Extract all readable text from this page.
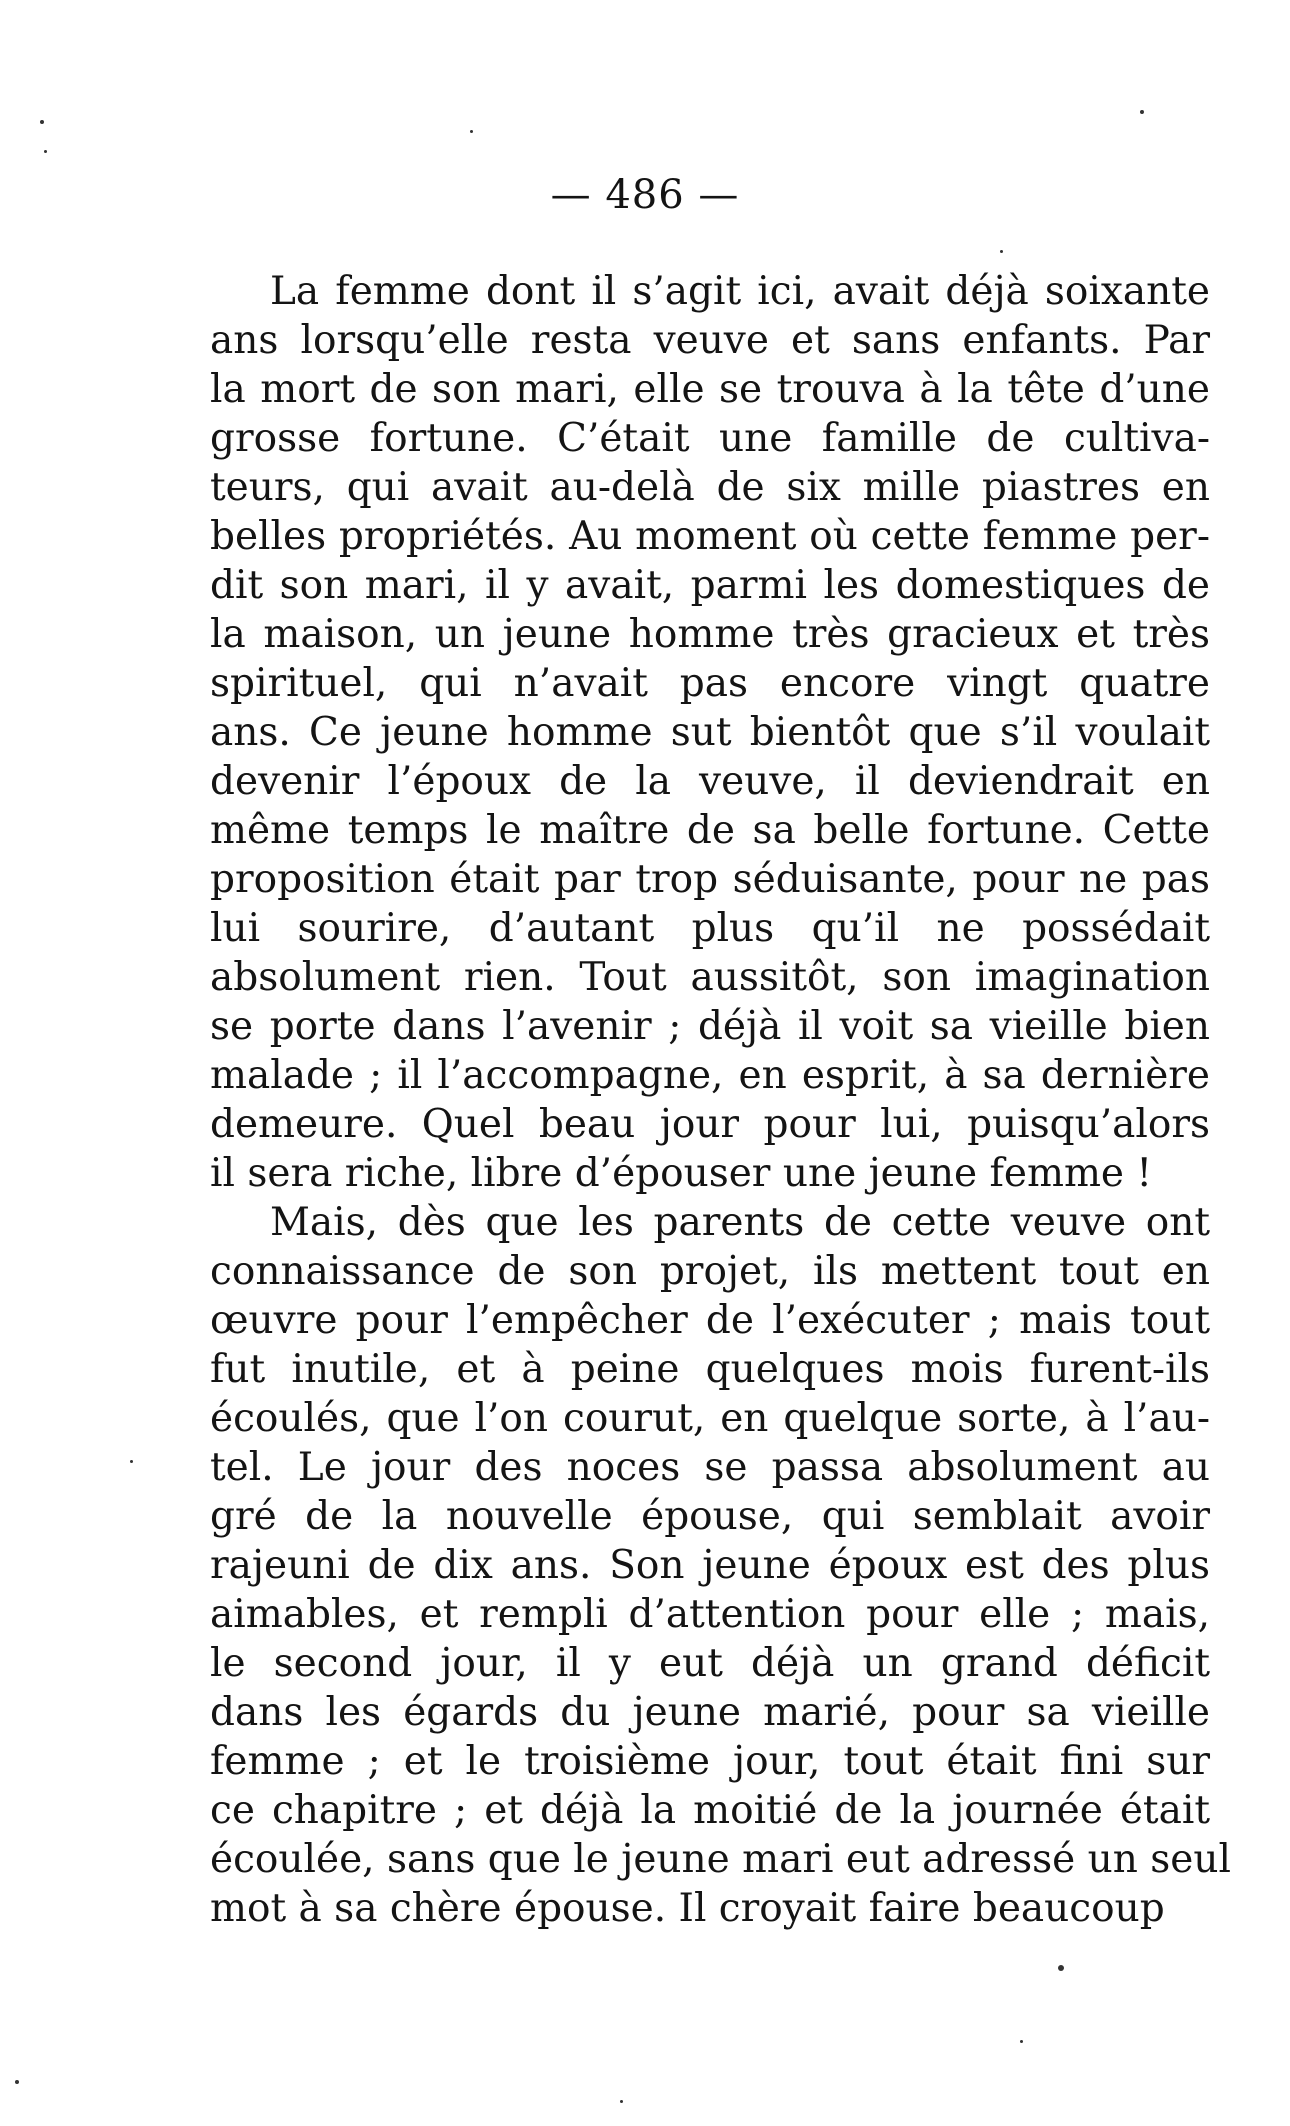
— 486 —
La femme dont il s’agit ici, avait déjà soixante
ans lorsqu’elle resta veuve et sans enfants. Par
la mort de son mari, elle se trouva à la tête d’une
grosse fortune. C’était une famille de cultiva-
teurs, qui avait au-delà de six mille piastres en
belles propriétés. Au moment où cette femme per-
dit son mari, il y avait, parmi les domestiques de
la maison, un jeune homme très gracieux et très
spirituel, qui n’avait pas encore vingt quatre
ans. Ce jeune homme sut bientôt que s’il voulait
devenir l’époux de la veuve, il deviendrait en
même temps le maître de sa belle fortune. Cette
proposition était par trop séduisante, pour ne pas
lui sourire, d’autant plus qu’il ne possédait
absolument rien. Tout aussitôt, son imagination
se porte dans l’avenir ; déjà il voit sa vieille bien
malade ; il l’accompagne, en esprit, à sa dernière
demeure. Quel beau jour pour lui, puisqu’alors
il sera riche, libre d’épouser une jeune femme !
Mais, dès que les parents de cette veuve ont
connaissance de son projet, ils mettent tout en
œuvre pour l’empêcher de l’exécuter ; mais tout
fut inutile, et à peine quelques mois furent-ils
écoulés, que l’on courut, en quelque sorte, à l’au-
tel. Le jour des noces se passa absolument au
gré de la nouvelle épouse, qui semblait avoir
rajeuni de dix ans. Son jeune époux est des plus
aimables, et rempli d’attention pour elle ; mais,
le second jour, il y eut déjà un grand déficit
dans les égards du jeune marié, pour sa vieille
femme ; et le troisième jour, tout était fini sur
ce chapitre ; et déjà la moitié de la journée était
écoulée, sans que le jeune mari eut adressé un seul
mot à sa chère épouse. Il croyait faire beaucoup
